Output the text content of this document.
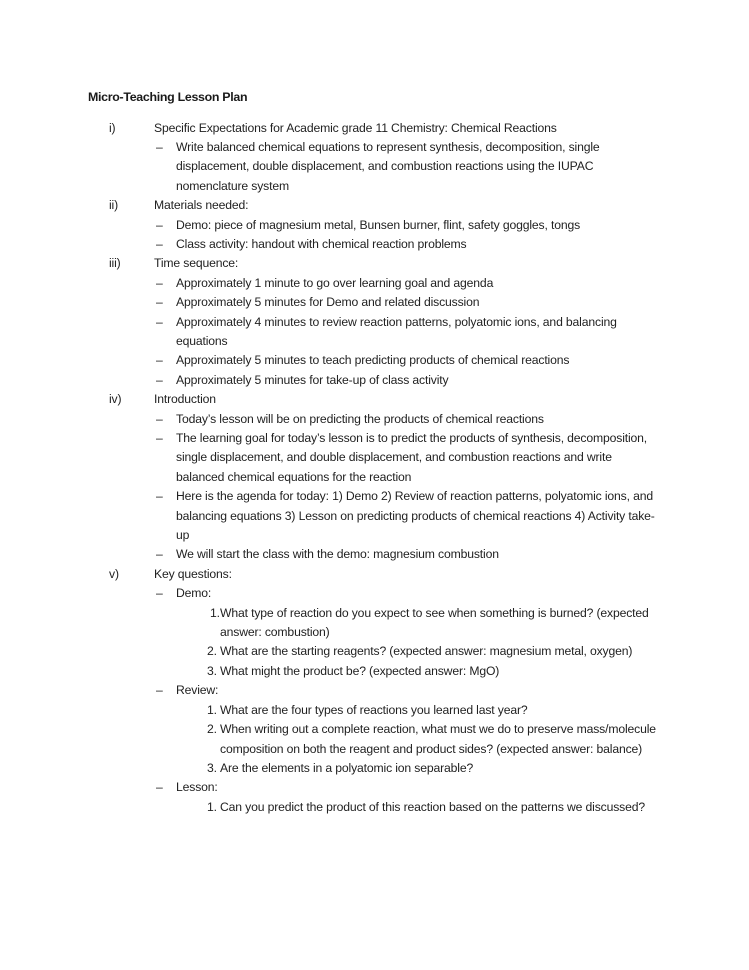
Micro-Teaching Lesson Plan
i)	Specific Expectations for Academic grade 11 Chemistry: Chemical Reactions
– Write balanced chemical equations to represent synthesis, decomposition, single displacement, double displacement, and combustion reactions using the IUPAC nomenclature system
ii)	Materials needed:
– Demo: piece of magnesium metal, Bunsen burner, flint, safety goggles, tongs
– Class activity: handout with chemical reaction problems
iii)	Time sequence:
– Approximately 1 minute to go over learning goal and agenda
– Approximately 5 minutes for Demo and related discussion
– Approximately 4 minutes to review reaction patterns, polyatomic ions, and balancing equations
– Approximately 5 minutes to teach predicting products of chemical reactions
– Approximately 5 minutes for take-up of class activity
iv)	Introduction
– Today’s lesson will be on predicting the products of chemical reactions
– The learning goal for today’s lesson is to predict the products of synthesis, decomposition, single displacement, and double displacement, and combustion reactions and write balanced chemical equations for the reaction
– Here is the agenda for today: 1) Demo 2) Review of reaction patterns, polyatomic ions, and balancing equations 3) Lesson on predicting products of chemical reactions 4) Activity take-up
– We will start the class with the demo: magnesium combustion
v)	Key questions:
– Demo:
1. What type of reaction do you expect to see when something is burned? (expected answer: combustion)
2. What are the starting reagents? (expected answer: magnesium metal, oxygen)
3. What might the product be? (expected answer: MgO)
– Review:
1. What are the four types of reactions you learned last year?
2. When writing out a complete reaction, what must we do to preserve mass/molecule composition on both the reagent and product sides? (expected answer: balance)
3. Are the elements in a polyatomic ion separable?
– Lesson:
1. Can you predict the product of this reaction based on the patterns we discussed?
